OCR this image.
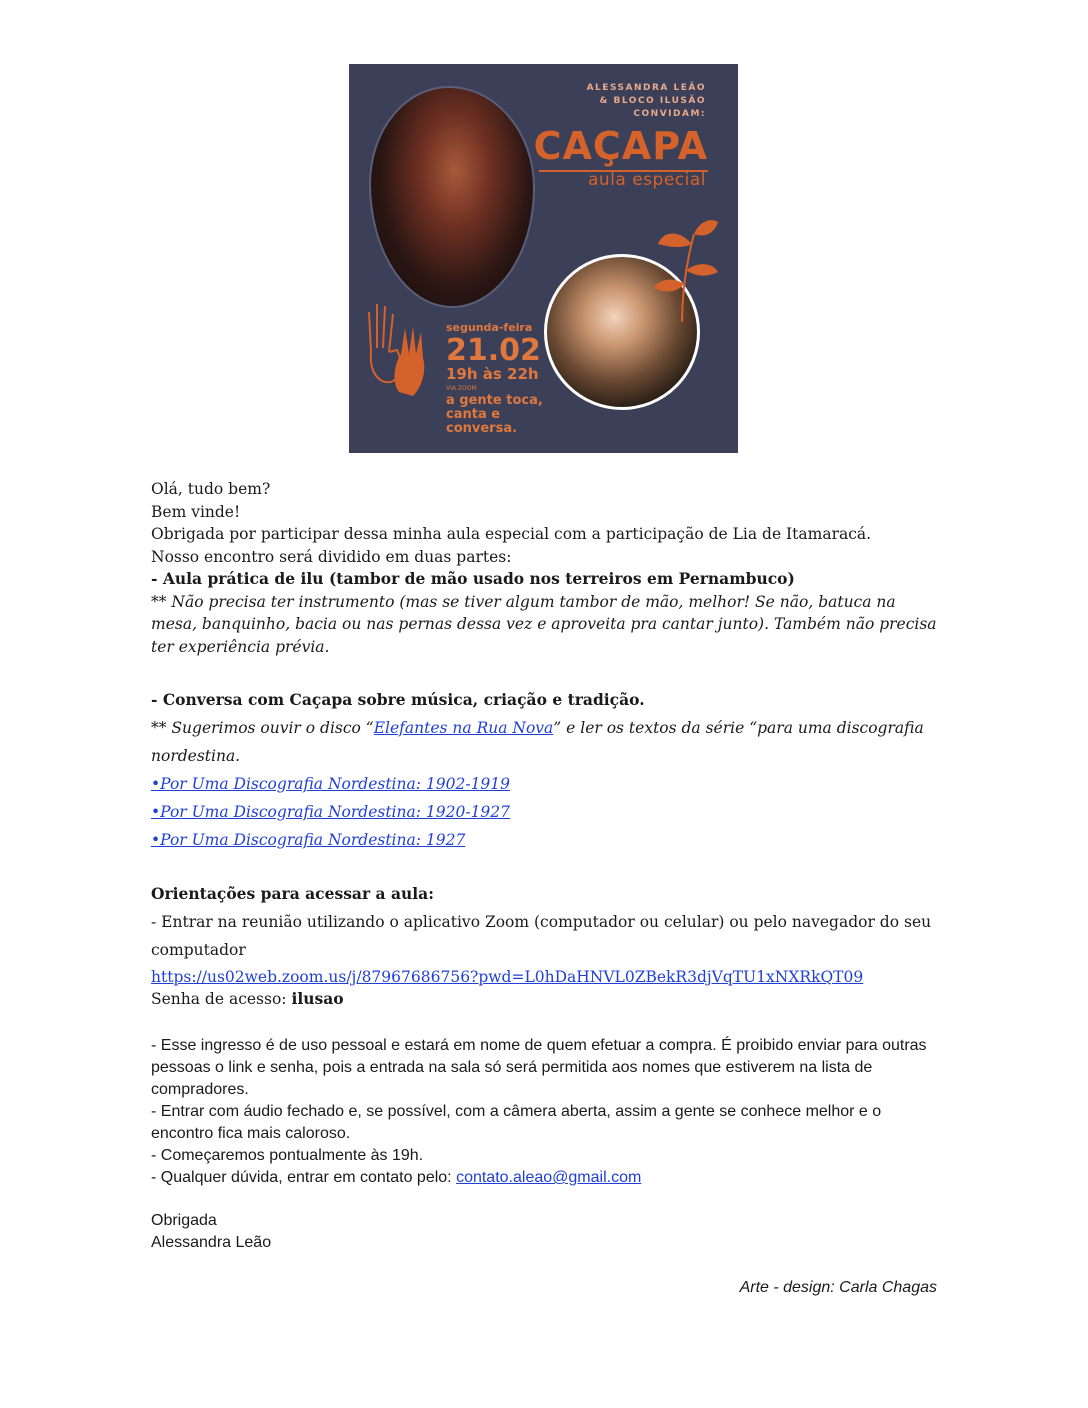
ALESSANDRA LEÃO
& BLOCO ILUSÃO
CONVIDAM:
CAÇAPA
aula especial
segunda-feira
21.02
19h às 22h
VIA ZOOM
a gente toca,
canta e
conversa.

Olá, tudo bem?

Bem vinde!

Obrigada por participar dessa minha aula especial com a participação de Lia de Itamaracá.

Nosso encontro será dividido em duas partes:

- Aula prática de ilu (tambor de mão usado nos terreiros em Pernambuco)

** Não precisa ter instrumento (mas se tiver algum tambor de mão, melhor! Se não, batuca na mesa, banquinho, bacia ou nas pernas dessa vez e aproveita pra cantar junto). Também não precisa ter experiência prévia.

- Conversa com Caçapa sobre música, criação e tradição.

** Sugerimos ouvir o disco “Elefantes na Rua Nova” e ler os textos da série “para uma discografia nordestina.

•Por Uma Discografia Nordestina: 1902-1919

•Por Uma Discografia Nordestina: 1920-1927

•Por Uma Discografia Nordestina: 1927

Orientações para acessar a aula:

- Entrar na reunião utilizando o aplicativo Zoom (computador ou celular) ou pelo navegador do seu computador

https://us02web.zoom.us/j/87967686756?pwd=L0hDaHNVL0ZBekR3djVqTU1xNXRkQT09

Senha de acesso: ilusao

- Esse ingresso é de uso pessoal e estará em nome de quem efetuar a compra. É proibido enviar para outras pessoas o link e senha, pois a entrada na sala só será permitida aos nomes que estiverem na lista de compradores.

- Entrar com áudio fechado e, se possível, com a câmera aberta, assim a gente se conhece melhor e o encontro fica mais caloroso.

- Começaremos pontualmente às 19h.

- Qualquer dúvida, entrar em contato pelo: contato.aleao@gmail.com

Obrigada

Alessandra Leão

Arte - design: Carla Chagas
